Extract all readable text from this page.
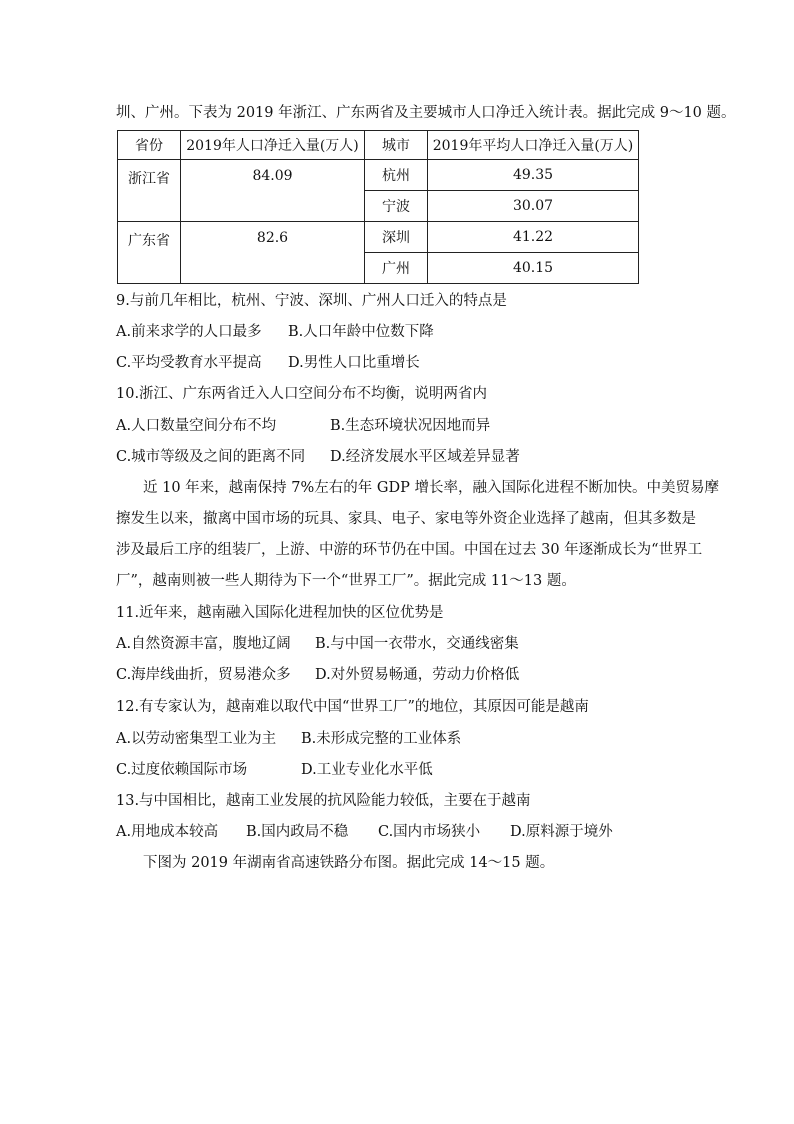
圳、广州。下表为 2019 年浙江、广东两省及主要城市人口净迁入统计表。据此完成 9～10 题。
省份	2019年人口净迁入量(万人)	城市	2019年平均人口净迁入量(万人)
浙江省	84.09	杭州	49.35
		宁波	30.07
广东省	82.6	深圳	41.22
		广州	40.15
9.与前几年相比，杭州、宁波、深圳、广州人口迁入的特点是
A.前来求学的人口最多 B.人口年龄中位数下降
C.平均受教育水平提高 D.男性人口比重增长
10.浙江、广东两省迁入人口空间分布不均衡，说明两省内
A.人口数量空间分布不均	B.生态环境状况因地而异
C.城市等级及之间的距离不同 D.经济发展水平区域差异显著
近 10 年来，越南保持 7%左右的年 GDP 增长率，融入国际化进程不断加快。中美贸易摩
擦发生以来，撤离中国市场的玩具、家具、电子、家电等外资企业选择了越南，但其多数是
涉及最后工序的组装厂，上游、中游的环节仍在中国。中国在过去 30 年逐渐成长为“世界工
厂”，越南则被一些人期待为下一个“世界工厂”。据此完成 11～13 题。
11.近年来，越南融入国际化进程加快的区位优势是
A.自然资源丰富，腹地辽阔 B.与中国一衣带水，交通线密集
C.海岸线曲折，贸易港众多 D.对外贸易畅通，劳动力价格低
12.有专家认为，越南难以取代中国“世界工厂”的地位，其原因可能是越南
A.以劳动密集型工业为主 B.未形成完整的工业体系
C.过度依赖国际市场	D.工业专业化水平低
13.与中国相比，越南工业发展的抗风险能力较低，主要在于越南
A.用地成本较高 B.国内政局不稳 C.国内市场狭小 D.原料源于境外
下图为 2019 年湖南省高速铁路分布图。据此完成 14～15 题。
